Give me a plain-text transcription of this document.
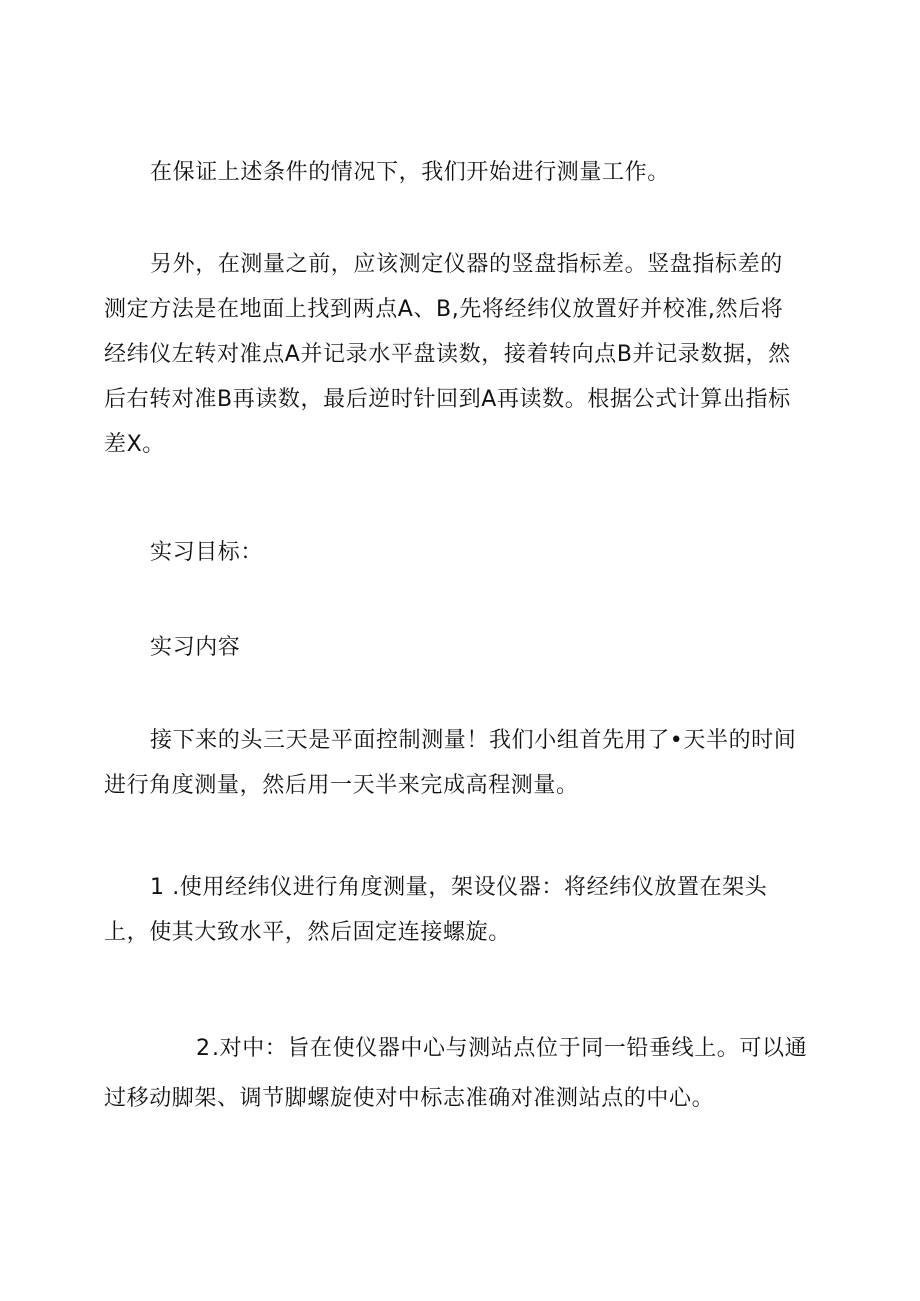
在保证上述条件的情况下，我们开始进行测量工作。
另外，在测量之前，应该测定仪器的竖盘指标差。竖盘指标差的
测定方法是在地面上找到两点A、B,先将经纬仪放置好并校准,然后将
经纬仪左转对准点A并记录水平盘读数，接着转向点B并记录数据，然
后右转对准B再读数，最后逆时针回到A再读数。根据公式计算出指标
差X。
实习目标：
实习内容
接下来的头三天是平面控制测量！我们小组首先用了•天半的时间
进行角度测量，然后用一天半来完成高程测量。
1 .使用经纬仪进行角度测量，架设仪器：将经纬仪放置在架头
上，使其大致水平，然后固定连接螺旋。
2.对中：旨在使仪器中心与测站点位于同一铅垂线上。可以通
过移动脚架、调节脚螺旋使对中标志准确对准测站点的中心。
